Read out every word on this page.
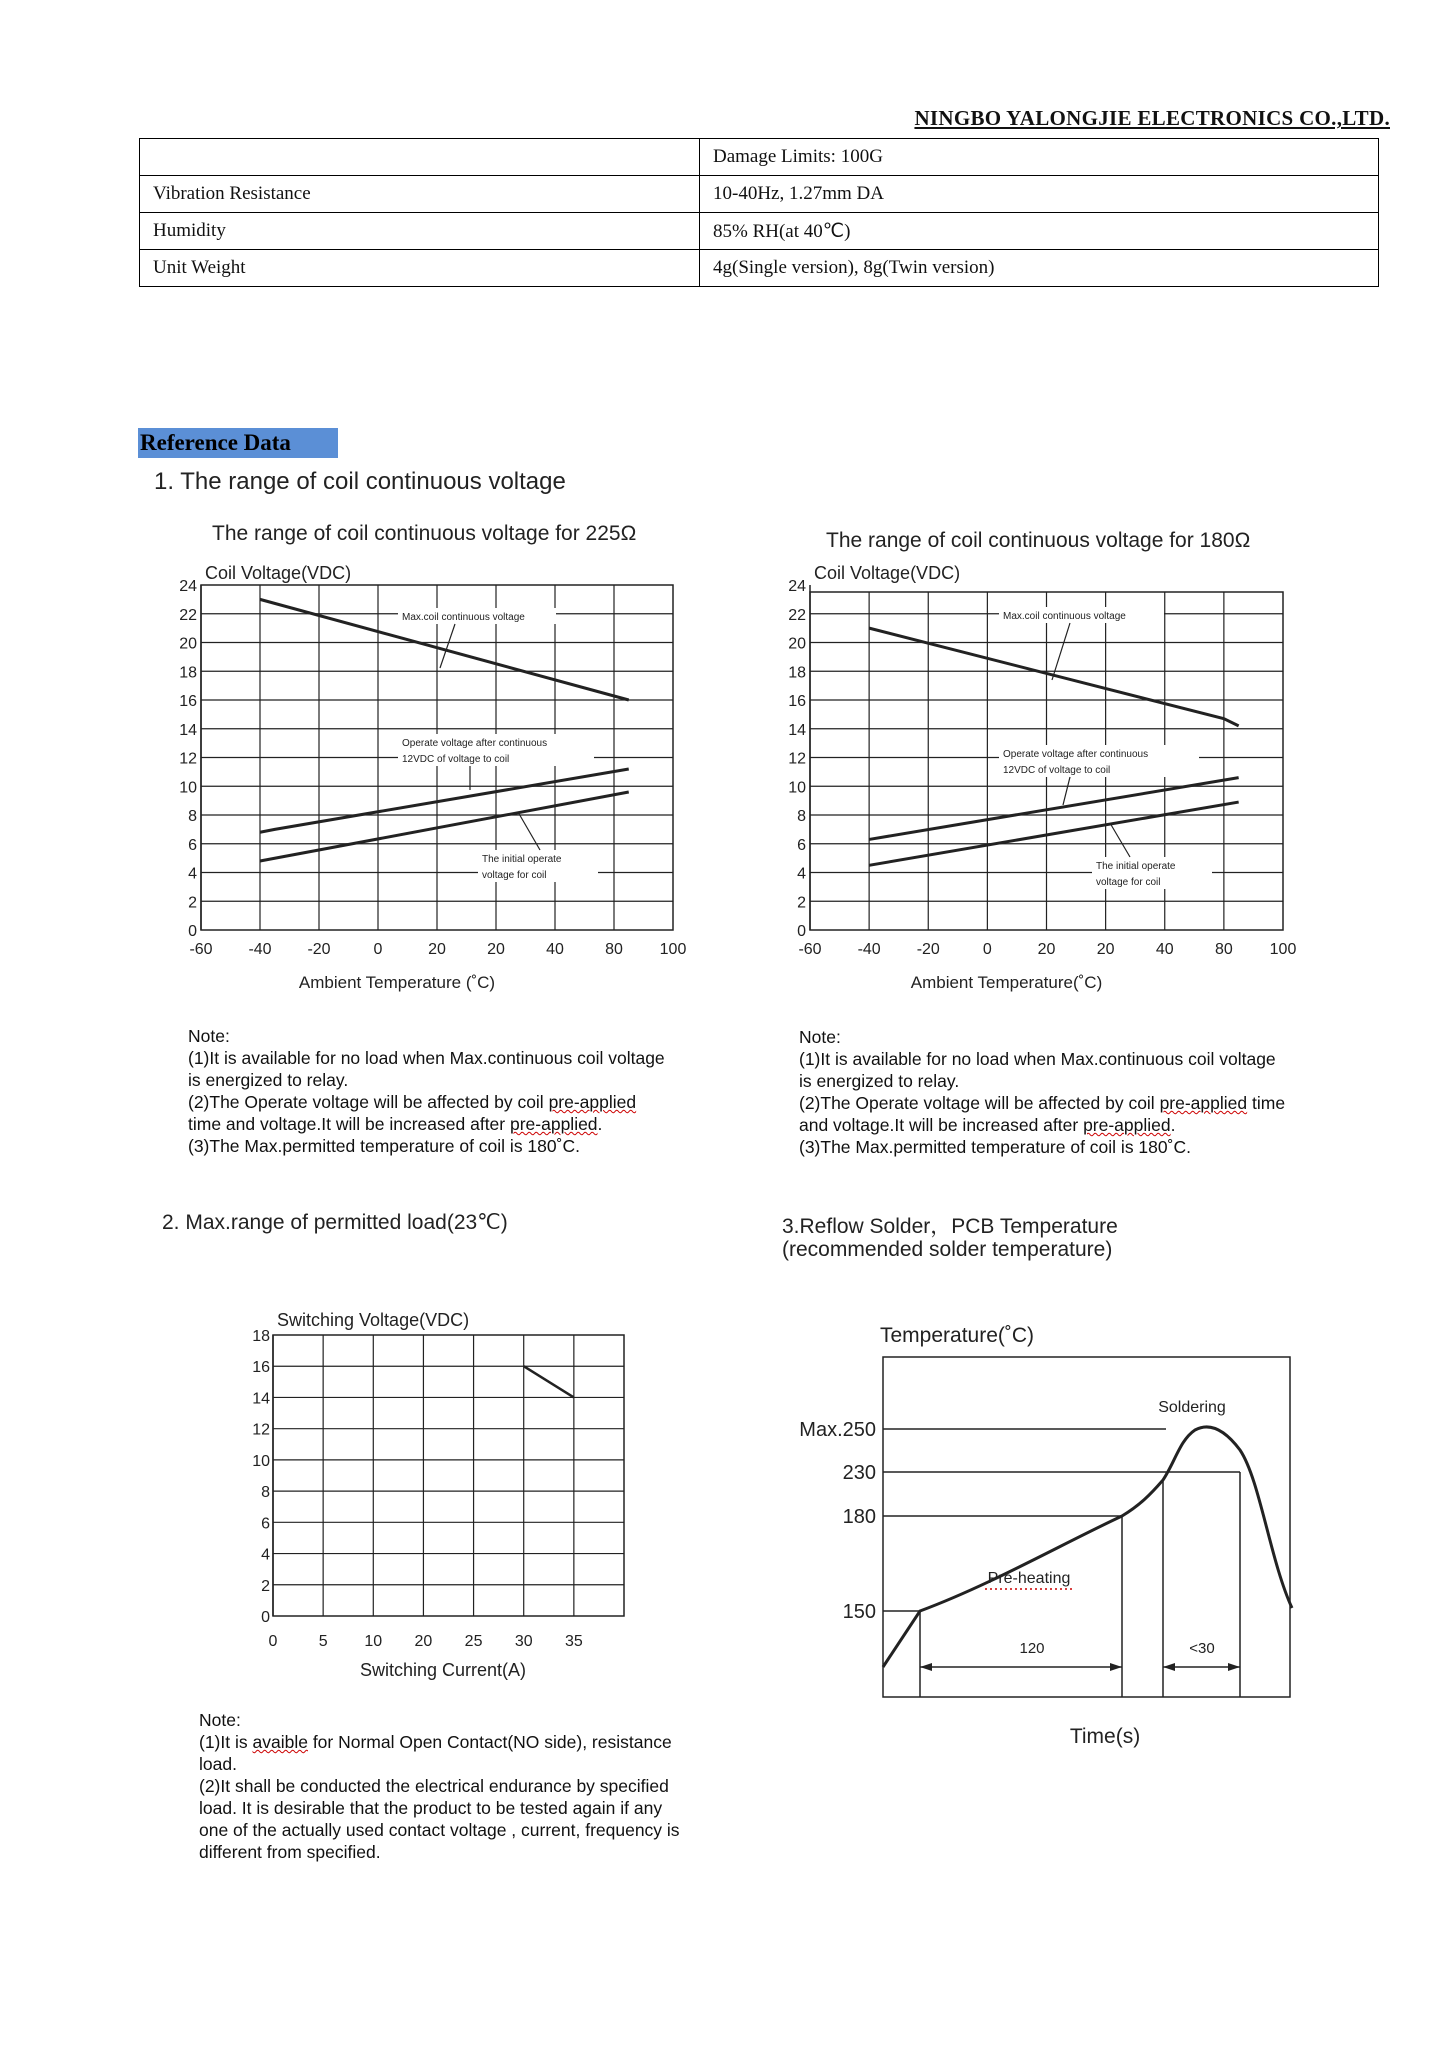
NINGBO YALONGJIE ELECTRONICS CO.,LTD.
	Damage Limits: 100G
Vibration Resistance	10-40Hz, 1.27mm DA
Humidity	85% RH(at 40℃)
Unit Weight	4g(Single version), 8g(Twin version)
Reference Data
1. The range of coil continuous voltage
The range of coil continuous voltage for 225Ω	The range of coil continuous voltage for 180Ω
24
22
20
18
16
14
12
10
8
6
4
2
0
-60 -40 -20	0	20	20	40	80 100
Coil Voltage(VDC)
Ambient Temperature (˚C)
Max.coil continuous voltage
Operate voltage after continuous
12VDC of voltage to coil
The initial operate
voltage for coil
24
22
20
18
16
14
12
10
8
6
4
2
0
-60 -40 -20	0	20	20	40	80 100
Coil Voltage(VDC)
Ambient Temperature(˚C)
Max.coil continuous voltage
Operate voltage after continuous
12VDC of voltage to coil
The initial operate
voltage for coil

Note:

(1)It is available for no load when Max.continuous coil voltage

is energized to relay.

(2)The Operate voltage will be affected by coil pre-applied

time and voltage.It will be increased after pre-applied.

(3)The Max.permitted temperature of coil is 180˚C.

Note:

(1)It is available for no load when Max.continuous coil voltage

is energized to relay.

(2)The Operate voltage will be affected by coil pre-applied time

and voltage.It will be increased after pre-applied.

(3)The Max.permitted temperature of coil is 180˚C.

2. Max.range of permitted load(23℃)	3.Reflow Solder，PCB Temperature
(recommended solder temperature)
18
16
14
12
10
8
6
4
2
0
0	5 10 20 25 30 35
Switching Voltage(VDC)
Switching Current(A)
Temperature(˚C)
Time(s)
Max.250
230
180
150
120	<30
Soldering
Pre-heating

Note:

(1)It is avaible for Normal Open Contact(NO side), resistance

load.

(2)It shall be conducted the electrical endurance by specified

load. It is desirable that the product to be tested again if any

one of the actually used contact voltage , current, frequency is

different from specified.
